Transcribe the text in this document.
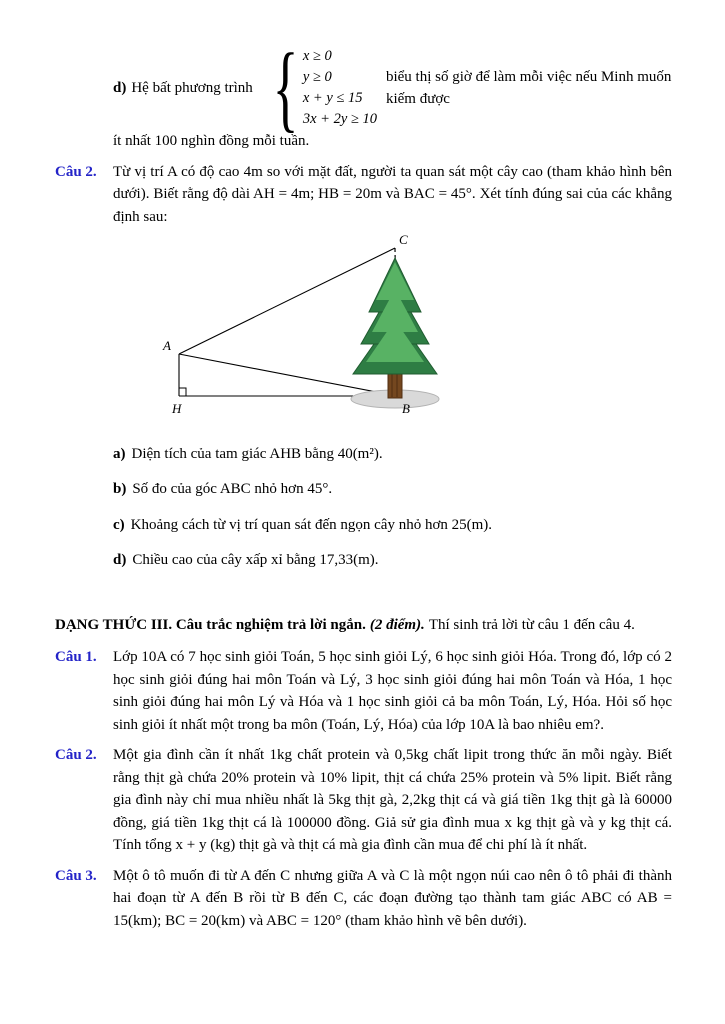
d) Hệ bất phương trình { x ≥ 0
y ≥ 0
x + y ≤ 15
3x + 2y ≥ 10
biểu thị số giờ để làm mỗi việc nếu Minh muốn kiếm được
ít nhất 100 nghìn đồng mỗi tuần.
Câu 2.	Từ vị trí A có độ cao 4m so với mặt đất, người ta quan sát một cây cao (tham khảo hình bên dưới). Biết rằng độ dài AH = 4m; HB = 20m và BAC = 45°. Xét tính đúng sai của các khẳng định sau:
C
A
H	B
a) Diện tích của tam giác AHB bằng 40(m²).
b) Số đo của góc ABC nhỏ hơn 45°.
c) Khoảng cách từ vị trí quan sát đến ngọn cây nhỏ hơn 25(m).
d) Chiều cao của cây xấp xỉ bằng 17,33(m).
DẠNG THỨC III. Câu trắc nghiệm trả lời ngắn. (2 điểm). Thí sinh trả lời từ câu 1 đến câu 4.
Câu 1.	Lớp 10A có 7 học sinh giỏi Toán, 5 học sinh giỏi Lý, 6 học sinh giỏi Hóa. Trong đó, lớp có 2 học sinh giỏi đúng hai môn Toán và Lý, 3 học sinh giỏi đúng hai môn Toán và Hóa, 1 học sinh giỏi đúng hai môn Lý và Hóa và 1 học sinh giỏi cả ba môn Toán, Lý, Hóa. Hỏi số học sinh giỏi ít nhất một trong ba môn (Toán, Lý, Hóa) của lớp 10A là bao nhiêu em?.
Câu 2.	Một gia đình cần ít nhất 1kg chất protein và 0,5kg chất lipit trong thức ăn mỗi ngày. Biết rằng thịt gà chứa 20% protein và 10% lipit, thịt cá chứa 25% protein và 5% lipit. Biết rằng gia đình này chỉ mua nhiều nhất là 5kg thịt gà, 2,2kg thịt cá và giá tiền 1kg thịt gà là 60000 đồng, giá tiền 1kg thịt cá là 100000 đồng. Giả sử gia đình mua x kg thịt gà và y kg thịt cá. Tính tổng x + y (kg) thịt gà và thịt cá mà gia đình cần mua để chi phí là ít nhất.
Câu 3.	Một ô tô muốn đi từ A đến C nhưng giữa A và C là một ngọn núi cao nên ô tô phải đi thành hai đoạn từ A đến B rồi từ B đến C, các đoạn đường tạo thành tam giác ABC có AB = 15(km); BC = 20(km) và ABC = 120° (tham khảo hình vẽ bên dưới).
